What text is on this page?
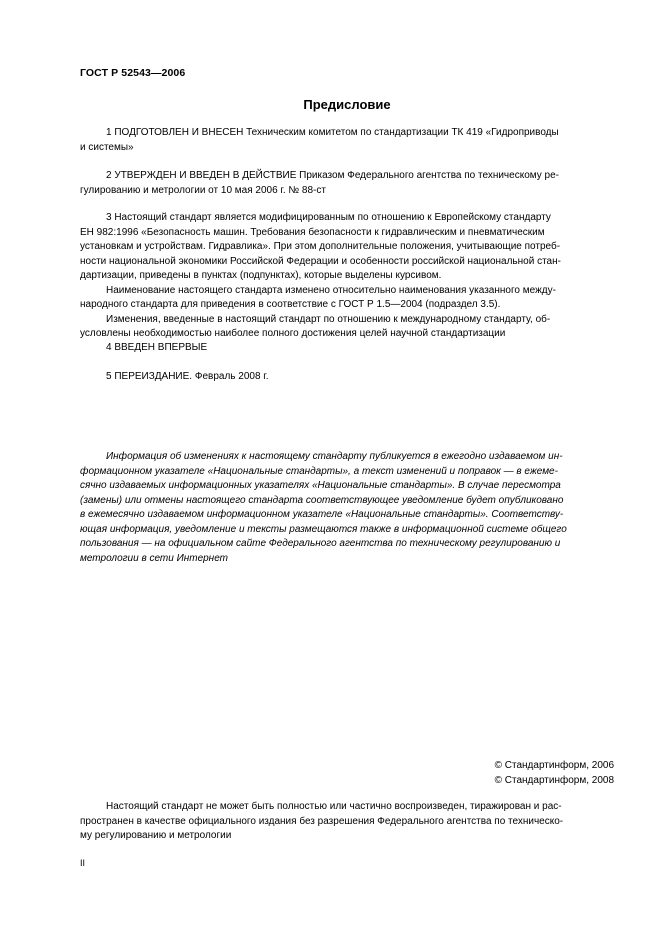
ГОСТ Р 52543—2006
Предисловие
1 ПОДГОТОВЛЕН И ВНЕСЕН Техническим комитетом по стандартизации ТК 419 «Гидроприводы
и системы»
2 УТВЕРЖДЕН И ВВЕДЕН В ДЕЙСТВИЕ Приказом Федерального агентства по техническому ре-
гулированию и метрологии от 10 мая 2006 г. № 88-ст
3 Настоящий стандарт является модифицированным по отношению к Европейскому стандарту
ЕН 982:1996 «Безопасность машин. Требования безопасности к гидравлическим и пневматическим
установкам и устройствам. Гидравлика». При этом дополнительные положения, учитывающие потреб-
ности национальной экономики Российской Федерации и особенности российской национальной стан-
дартизации, приведены в пунктах (подпунктах), которые выделены курсивом.
Наименование настоящего стандарта изменено относительно наименования указанного между-
народного стандарта для приведения в соответствие с ГОСТ Р 1.5—2004 (подраздел 3.5).
Изменения, введенные в настоящий стандарт по отношению к международному стандарту, об-
условлены необходимостью наиболее полного достижения целей научной стандартизации
4 ВВЕДЕН ВПЕРВЫЕ
5 ПЕРЕИЗДАНИЕ. Февраль 2008 г.
Информация об изменениях к настоящему стандарту публикуется в ежегодно издаваемом ин-
формационном указателе «Национальные стандарты», а текст изменений и поправок — в ежеме-
сячно издаваемых информационных указателях «Национальные стандарты». В случае пересмотра
(замены) или отмены настоящего стандарта соответствующее уведомление будет опубликовано
в ежемесячно издаваемом информационном указателе «Национальные стандарты». Соответству-
ющая информация, уведомление и тексты размещаются также в информационной системе общего
пользования — на официальном сайте Федерального агентства по техническому регулированию и
метрологии в сети Интернет
© Стандартинформ, 2006
© Стандартинформ, 2008
Настоящий стандарт не может быть полностью или частично воспроизведен, тиражирован и рас-
пространен в качестве официального издания без разрешения Федерального агентства по техническо-
му регулированию и метрологии
II
